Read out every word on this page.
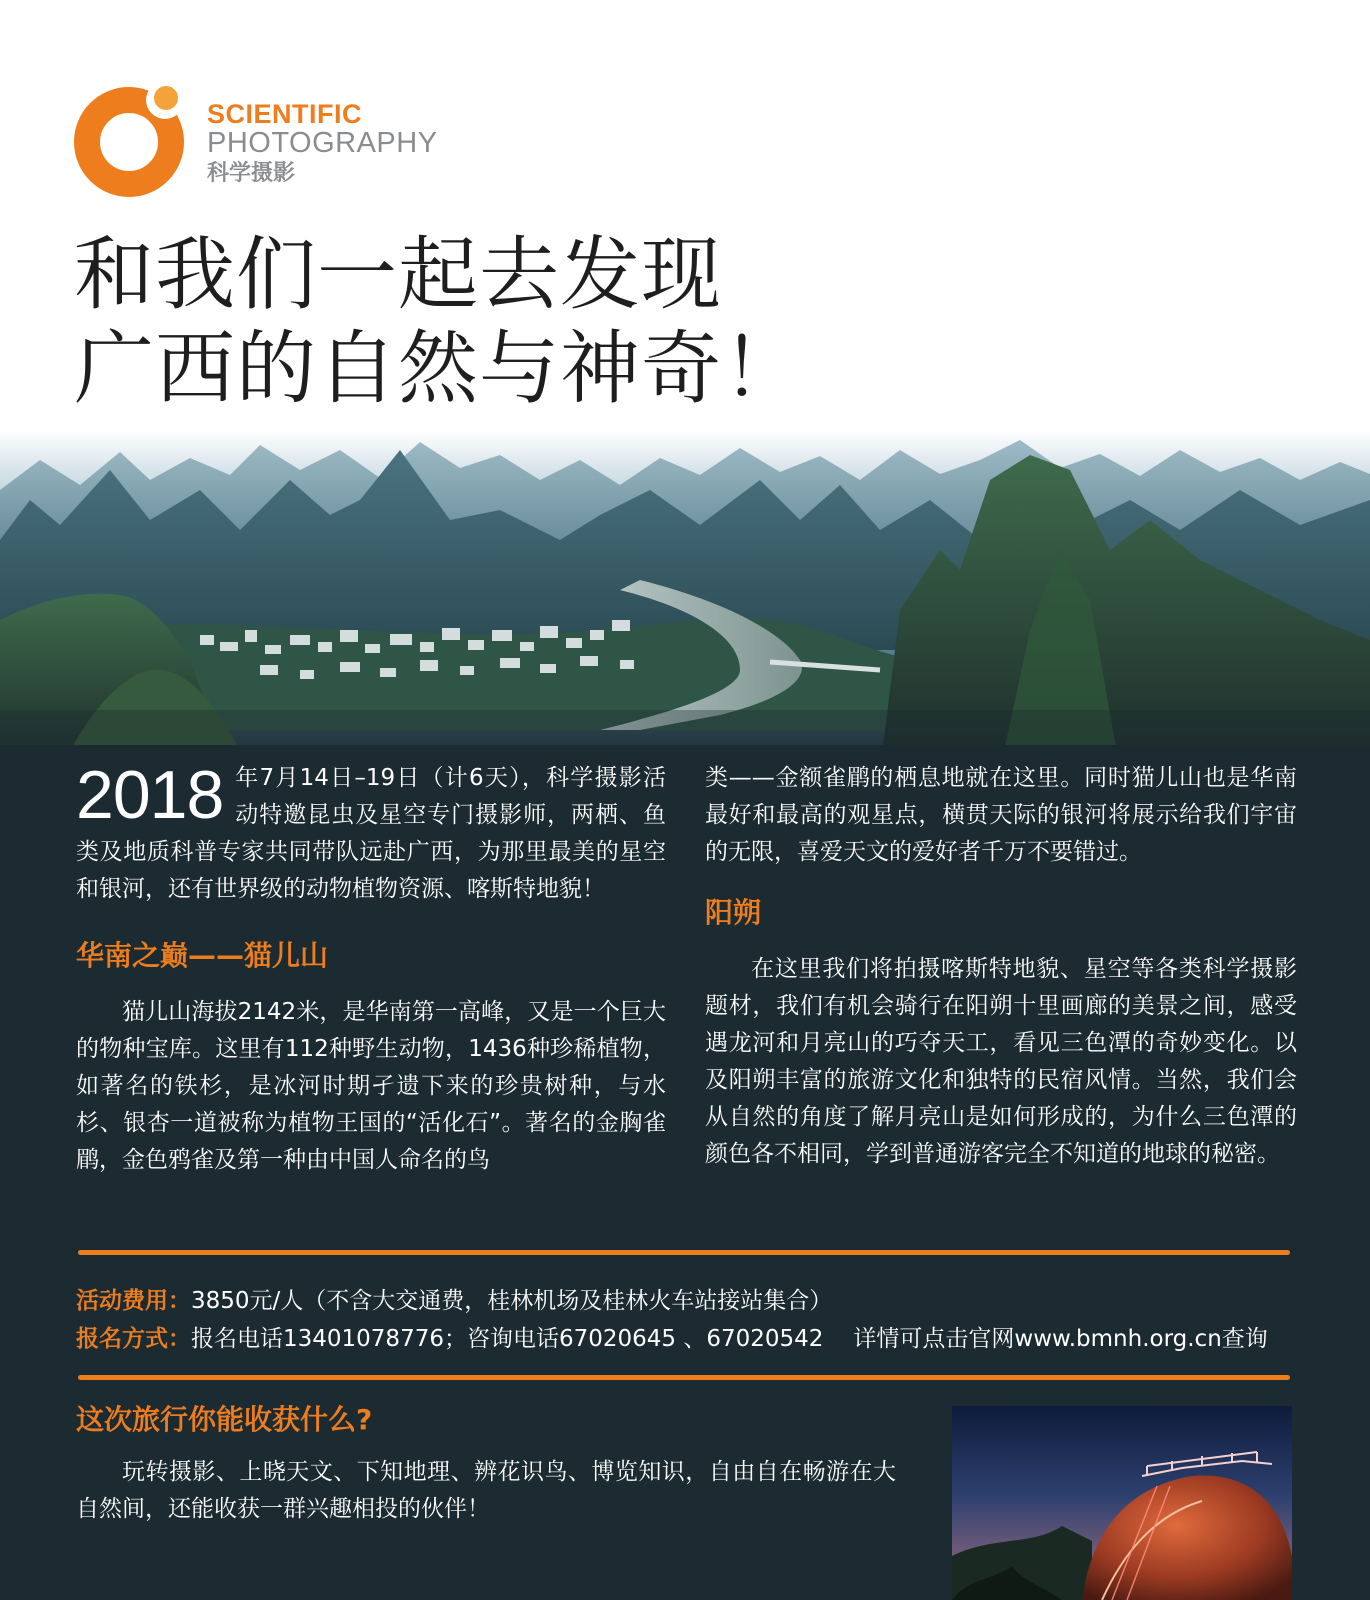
SCIENTIFIC
PHOTOGRAPHY
科学摄影
和我们一起去发现
广西的自然与神奇！

2018 年7月14日–19日（计6天），科学摄影活动特邀昆虫及星空专门摄影师，两栖、鱼类及地质科普专家共同带队远赴广西，为那里最美的星空和银河，还有世界级的动物植物资源、喀斯特地貌！

华南之巅——猫儿山

猫儿山海拔2142米，是华南第一高峰，又是一个巨大的物种宝库。这里有112种野生动物，1436种珍稀植物，如著名的铁杉，是冰河时期孑遗下来的珍贵树种，与水杉、银杏一道被称为植物王国的“活化石”。著名的金胸雀鹛，金色鸦雀及第一种由中国人命名的鸟

类——金额雀鹛的栖息地就在这里。同时猫儿山也是华南最好和最高的观星点，横贯天际的银河将展示给我们宇宙的无限，喜爱天文的爱好者千万不要错过。

阳朔

在这里我们将拍摄喀斯特地貌、星空等各类科学摄影题材，我们有机会骑行在阳朔十里画廊的美景之间，感受遇龙河和月亮山的巧夺天工，看见三色潭的奇妙变化。以及阳朔丰富的旅游文化和独特的民宿风情。当然，我们会从自然的角度了解月亮山是如何形成的，为什么三色潭的颜色各不相同，学到普通游客完全不知道的地球的秘密。

活动费用：3850元/人（不含大交通费，桂林机场及桂林火车站接站集合）
报名方式：报名电话13401078776；咨询电话67020645 、67020542 详情可点击官网www.bmnh.org.cn查询
这次旅行你能收获什么?

玩转摄影、上晓天文、下知地理、辨花识鸟、博览知识，自由自在畅游在大自然间，还能收获一群兴趣相投的伙伴！
